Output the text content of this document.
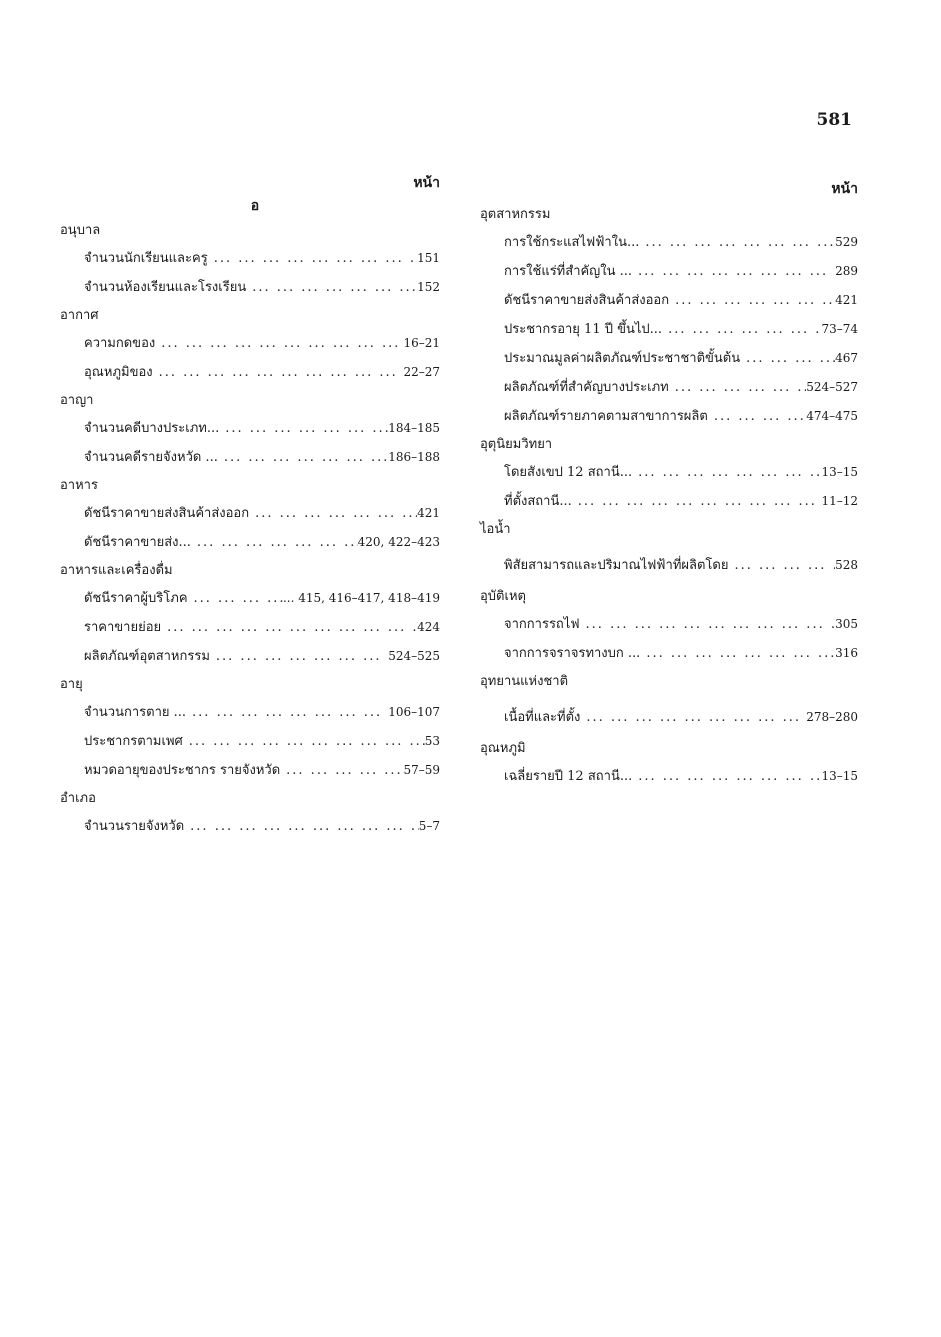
581
หน้า
อ
อนุบาล
จำนวนนักเรียนและครู ... .	151
จำนวนห้องเรียนและโรงเรียน ... .	152
อากาศ
ความกดของ ... .	16–21
อุณหภูมิของ ... .	22–27
อาญา
จำนวนคดีบางประเภท... ... .	184–185
จำนวนคดีรายจังหวัด ... ... .	186–188
อาหาร
ดัชนีราคาขายส่งสินค้าส่งออก ... .	421
ดัชนีราคาขายส่ง... ... .	420, 422–423
อาหารและเครื่องดื่ม
ดัชนีราคาผู้บริโภค ... .	... 415, 416–417, 418–419
ราคาขายย่อย ... .	424
ผลิตภัณฑ์อุตสาหกรรม ... .	524–525
อายุ
จำนวนการตาย ... ... .	106–107
ประชากรตามเพศ ... .	53
หมวดอายุของประชากร รายจังหวัด ... .	57–59
อำเภอ
จำนวนรายจังหวัด ... .	5–7
หน้า
อุตสาหกรรม
การใช้กระแสไฟฟ้าใน... ... .	529
การใช้แร่ที่สำคัญใน ... ... .	289
ดัชนีราคาขายส่งสินค้าส่งออก ... .	421
ประชากรอายุ 11 ปี ขึ้นไป... ... .	73–74
ประมาณมูลค่าผลิตภัณฑ์ประชาชาติขั้นต้น ... .	467
ผลิตภัณฑ์ที่สำคัญบางประเภท ... .	524–527
ผลิตภัณฑ์รายภาคตามสาขาการผลิต ... .	474–475
อุตุนิยมวิทยา
โดยสังเขป 12 สถานี... ... .	13–15
ที่ตั้งสถานี... ... .	11–12
ไอน้ำ
พิสัยสามารถและปริมาณไฟฟ้าที่ผลิตโดย ... .	528
อุบัติเหตุ
จากการรถไฟ ... .	305
จากการจราจรทางบก ... ... .	316
อุทยานแห่งชาติ
เนื้อที่และที่ตั้ง ... .	278–280
อุณหภูมิ
เฉลี่ยรายปี 12 สถานี... ... .	13–15
